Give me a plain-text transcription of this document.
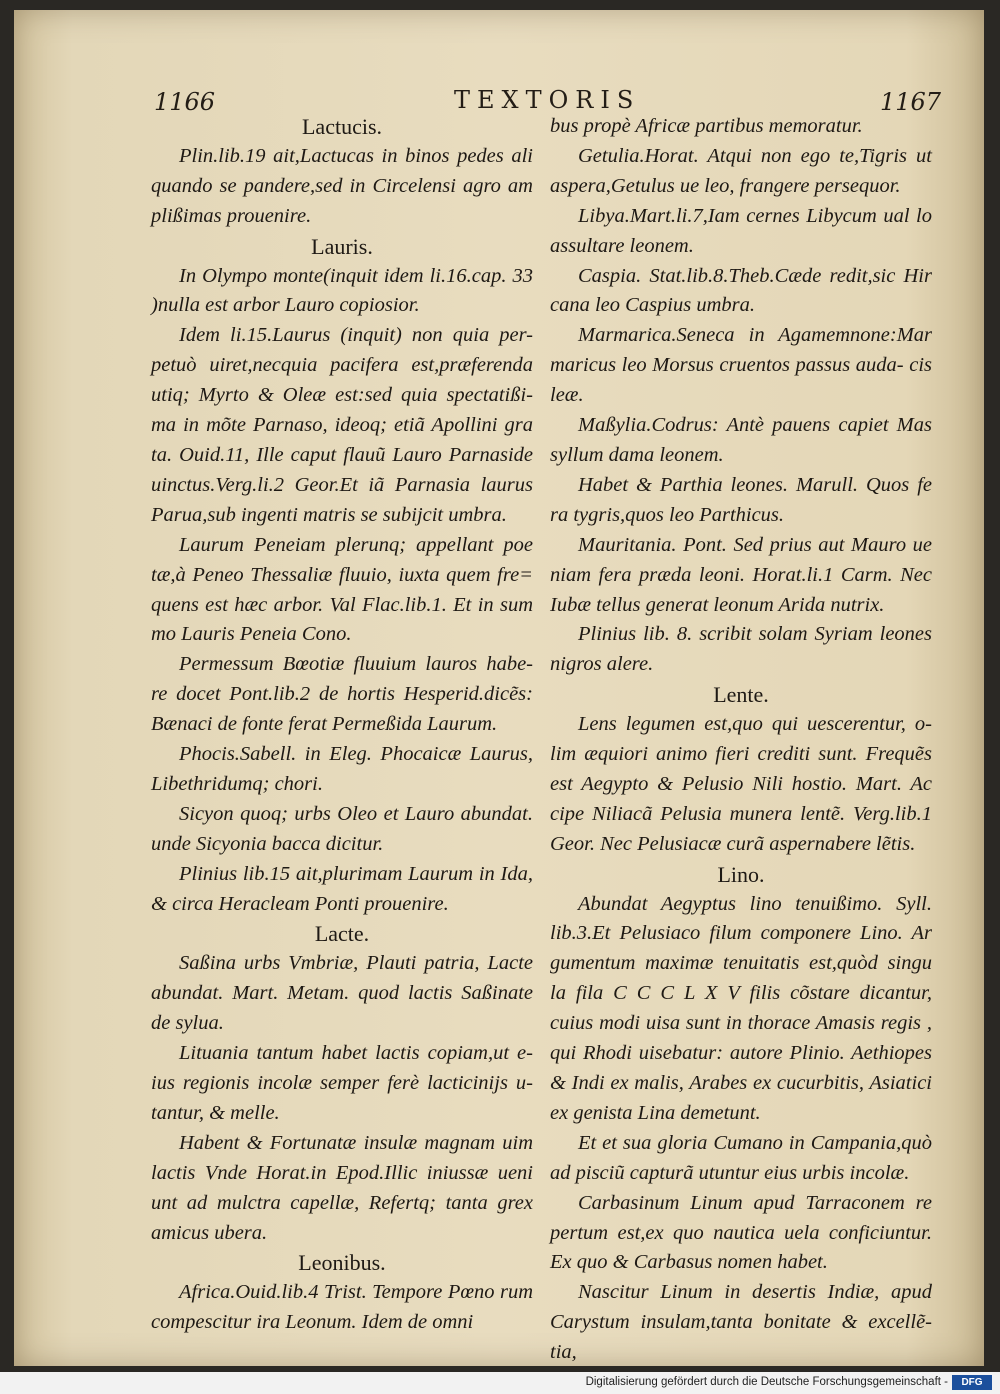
1166	TEXTORIS	1167
Lactucis.

Plin.lib.19 ait,Lactucas in binos pedes ali quando se pandere,sed in Circelensi agro am plißimas prouenire.

Lauris.

In Olympo monte(inquit idem li.16.cap. 33 )nulla est arbor Lauro copiosior.

Idem li.15.Laurus (inquit) non quia per- petuò uiret,necquia pacifera est,præferenda utiq; Myrto & Oleæ est:sed quia spectatißi- ma in mõte Parnaso, ideoq; etiã Apollini gra ta. Ouid.11, Ille caput flauũ Lauro Parnaside uinctus.Verg.li.2 Geor.Et iã Parnasia laurus Parua,sub ingenti matris se subijcit umbra.

Laurum Peneiam plerunq; appellant poe tæ,à Peneo Thessaliæ fluuio, iuxta quem fre= quens est hæc arbor. Val Flac.lib.1. Et in sum mo Lauris Peneia Cono.

Permessum Bœotiæ fluuium lauros habe- re docet Pont.lib.2 de hortis Hesperid.dicẽs: Bænaci de fonte ferat Permeßida Laurum.

Phocis.Sabell. in Eleg. Phocaicæ Laurus, Libethridumq; chori.

Sicyon quoq; urbs Oleo et Lauro abundat. unde Sicyonia bacca dicitur.

Plinius lib.15 ait,plurimam Laurum in Ida, & circa Heracleam Ponti prouenire.

Lacte.

Saßina urbs Vmbriæ, Plauti patria, Lacte abundat. Mart. Metam. quod lactis Saßinate de sylua.

Lituania tantum habet lactis copiam,ut e- ius regionis incolæ semper ferè lacticinijs u- tantur, & melle.

Habent & Fortunatæ insulæ magnam uim lactis Vnde Horat.in Epod.Illic iniussæ ueni unt ad mulctra capellæ, Refertq; tanta grex amicus ubera.

Leonibus.

Africa.Ouid.lib.4 Trist. Tempore Pœno rum compescitur ira Leonum. Idem de omni

bus propè Africæ partibus memoratur.

Getulia.Horat. Atqui non ego te,Tigris ut aspera,Getulus ue leo, frangere persequor.

Libya.Mart.li.7,Iam cernes Libycum ual lo assultare leonem.

Caspia. Stat.lib.8.Theb.Cæde redit,sic Hir cana leo Caspius umbra.

Marmarica.Seneca in Agamemnone:Mar maricus leo Morsus cruentos passus auda- cis leæ.

Maßylia.Codrus: Antè pauens capiet Mas syllum dama leonem.

Habet & Parthia leones. Marull. Quos fe ra tygris,quos leo Parthicus.

Mauritania. Pont. Sed prius aut Mauro ue niam fera præda leoni. Horat.li.1 Carm. Nec Iubæ tellus generat leonum Arida nutrix.

Plinius lib. 8. scribit solam Syriam leones nigros alere.

Lente.

Lens legumen est,quo qui uescerentur, o- lim æquiori animo fieri crediti sunt. Frequẽs est Aegypto & Pelusio Nili hostio. Mart. Ac cipe Niliacã Pelusia munera lentẽ. Verg.lib.1 Geor. Nec Pelusiacæ curã aspernabere lẽtis.

Lino.

Abundat Aegyptus lino tenuißimo. Syll. lib.3.Et Pelusiaco filum componere Lino. Ar gumentum maximæ tenuitatis est,quòd singu la fila C C C L X V filis cõstare dicantur, cuius modi uisa sunt in thorace Amasis regis , qui Rhodi uisebatur: autore Plinio. Aethiopes & Indi ex malis, Arabes ex cucurbitis, Asiatici ex genista Lina demetunt.

Et et sua gloria Cumano in Campania,quò ad pisciũ capturã utuntur eius urbis incolæ.

Carbasinum Linum apud Tarraconem re pertum est,ex quo nautica uela conficiuntur. Ex quo & Carbasus nomen habet.

Nascitur Linum in desertis Indiæ, apud Carystum insulam,tanta bonitate & excellẽ- tia,

Digitalisierung gefördert durch die Deutsche Forschungsgemeinschaft -	DFG
